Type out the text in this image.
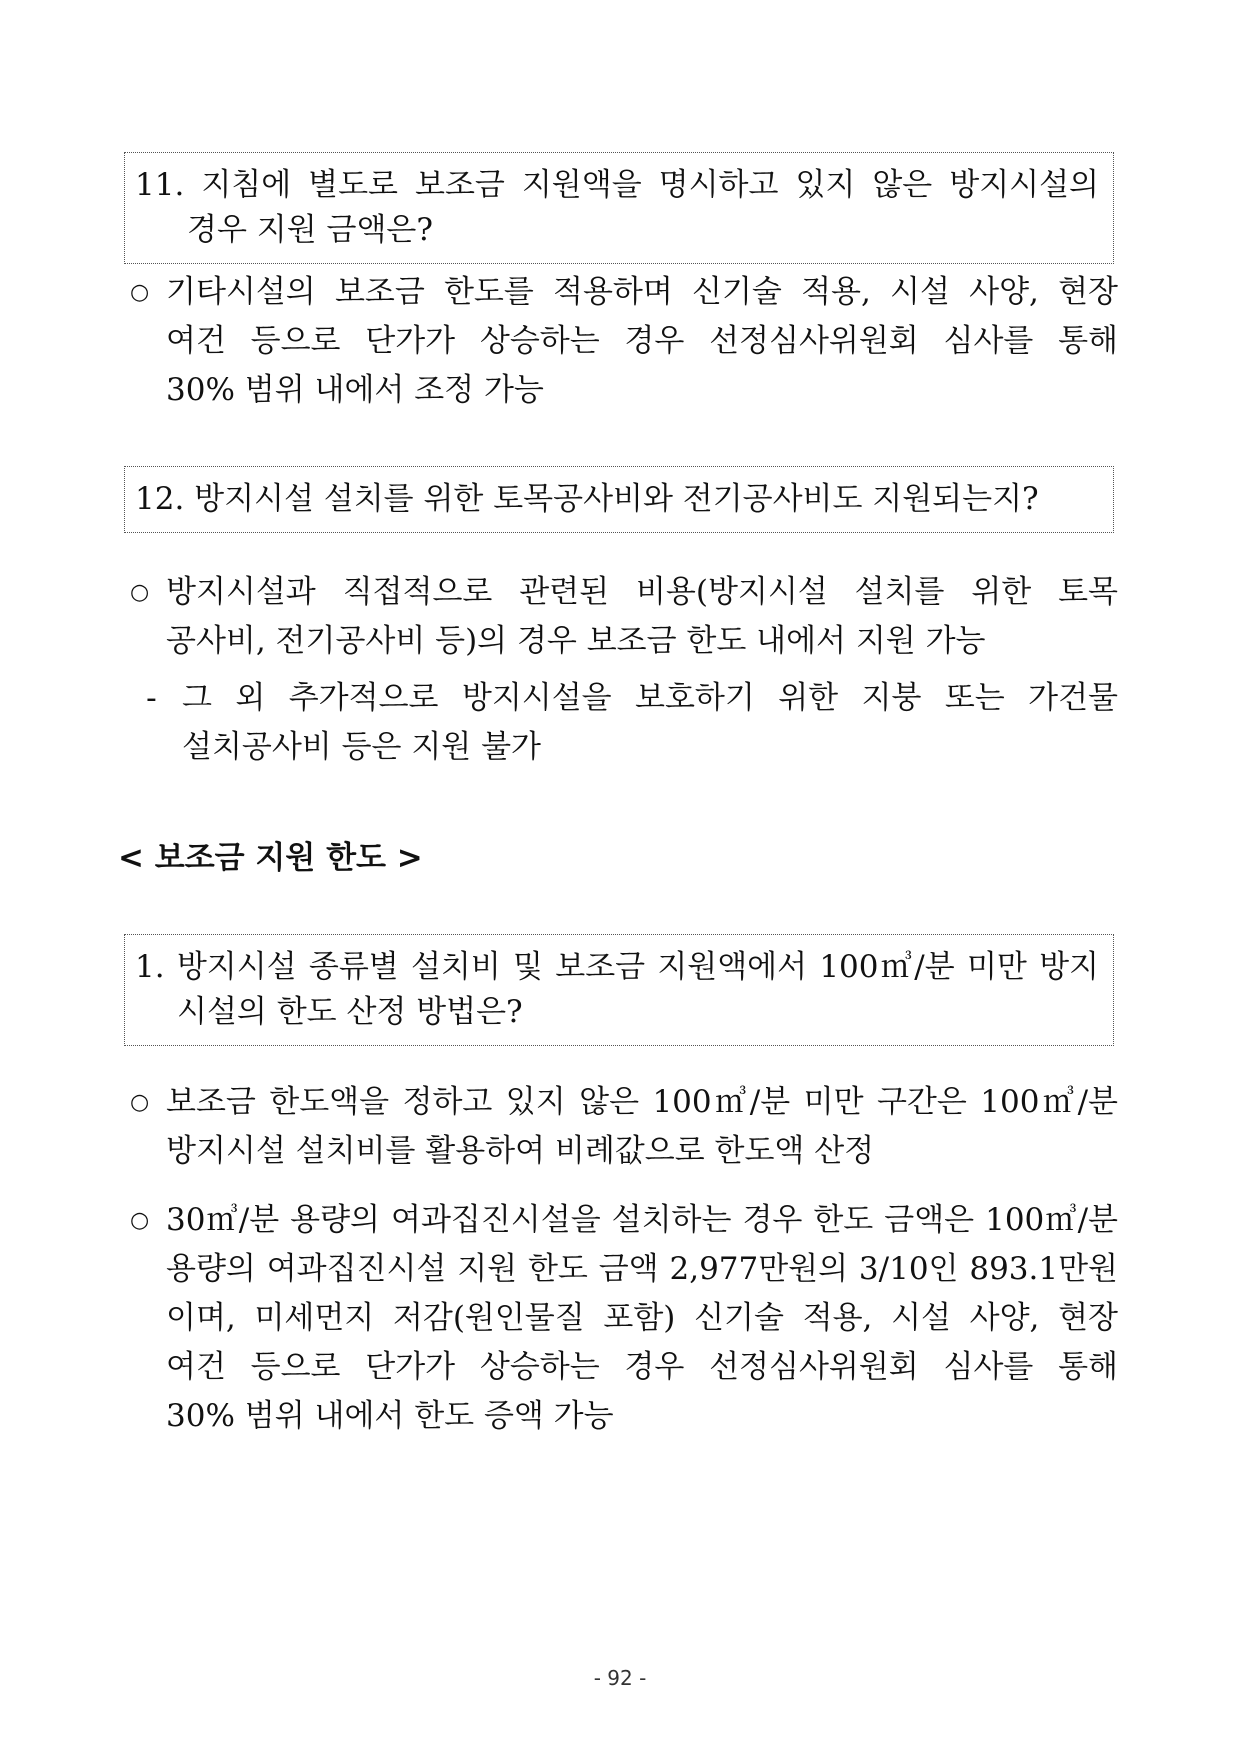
11. 지침에 별도로 보조금 지원액을 명시하고 있지 않은 방지시설의
경우 지원 금액은?
○ 기타시설의 보조금 한도를 적용하며 신기술 적용, 시설 사양, 현장
여건 등으로 단가가 상승하는 경우 선정심사위원회 심사를 통해
30% 범위 내에서 조정 가능
12. 방지시설 설치를 위한 토목공사비와 전기공사비도 지원되는지?
○ 방지시설과 직접적으로 관련된 비용(방지시설 설치를 위한 토목
공사비, 전기공사비 등)의 경우 보조금 한도 내에서 지원 가능
- 그 외 추가적으로 방지시설을 보호하기 위한 지붕 또는 가건물
설치공사비 등은 지원 불가
< 보조금 지원 한도 >
1. 방지시설 종류별 설치비 및 보조금 지원액에서 100㎥/분 미만 방지
시설의 한도 산정 방법은?
○ 보조금 한도액을 정하고 있지 않은 100㎥/분 미만 구간은 100㎥/분
방지시설 설치비를 활용하여 비례값으로 한도액 산정
○ 30㎥/분 용량의 여과집진시설을 설치하는 경우 한도 금액은 100㎥/분
용량의 여과집진시설 지원 한도 금액 2,977만원의 3/10인 893.1만원
이며, 미세먼지 저감(원인물질 포함) 신기술 적용, 시설 사양, 현장
여건 등으로 단가가 상승하는 경우 선정심사위원회 심사를 통해
30% 범위 내에서 한도 증액 가능
- 92 -
